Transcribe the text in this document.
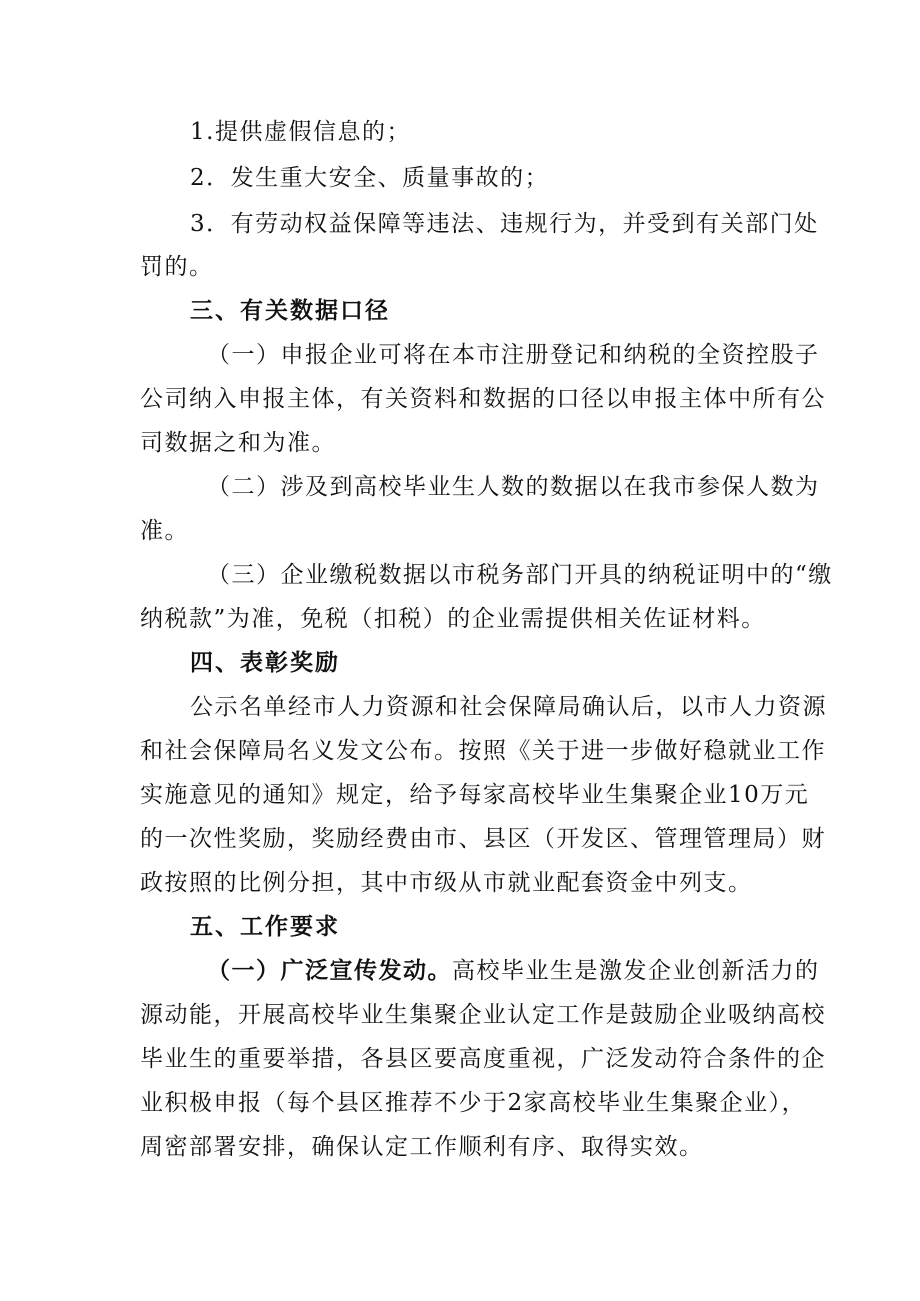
1.提供虚假信息的；
2．发生重大安全、质量事故的；
3．有劳动权益保障等违法、违规行为，并受到有关部门处
罚的。
三、有关数据口径
（一）申报企业可将在本市注册登记和纳税的全资控股子
公司纳入申报主体，有关资料和数据的口径以申报主体中所有公
司数据之和为准。
（二）涉及到高校毕业生人数的数据以在我市参保人数为
准。
（三）企业缴税数据以市税务部门开具的纳税证明中的“缴
纳税款”为准，免税（扣税）的企业需提供相关佐证材料。
四、表彰奖励
公示名单经市人力资源和社会保障局确认后，以市人力资源
和社会保障局名义发文公布。按照《关于进一步做好稳就业工作
实施意见的通知》规定，给予每家高校毕业生集聚企业10万元
的一次性奖励，奖励经费由市、县区（开发区、管理管理局）财
政按照的比例分担，其中市级从市就业配套资金中列支。
五、工作要求
（一）广泛宣传发动。高校毕业生是激发企业创新活力的
源动能，开展高校毕业生集聚企业认定工作是鼓励企业吸纳高校
毕业生的重要举措，各县区要高度重视，广泛发动符合条件的企
业积极申报（每个县区推荐不少于2家高校毕业生集聚企业），
周密部署安排，确保认定工作顺利有序、取得实效。
